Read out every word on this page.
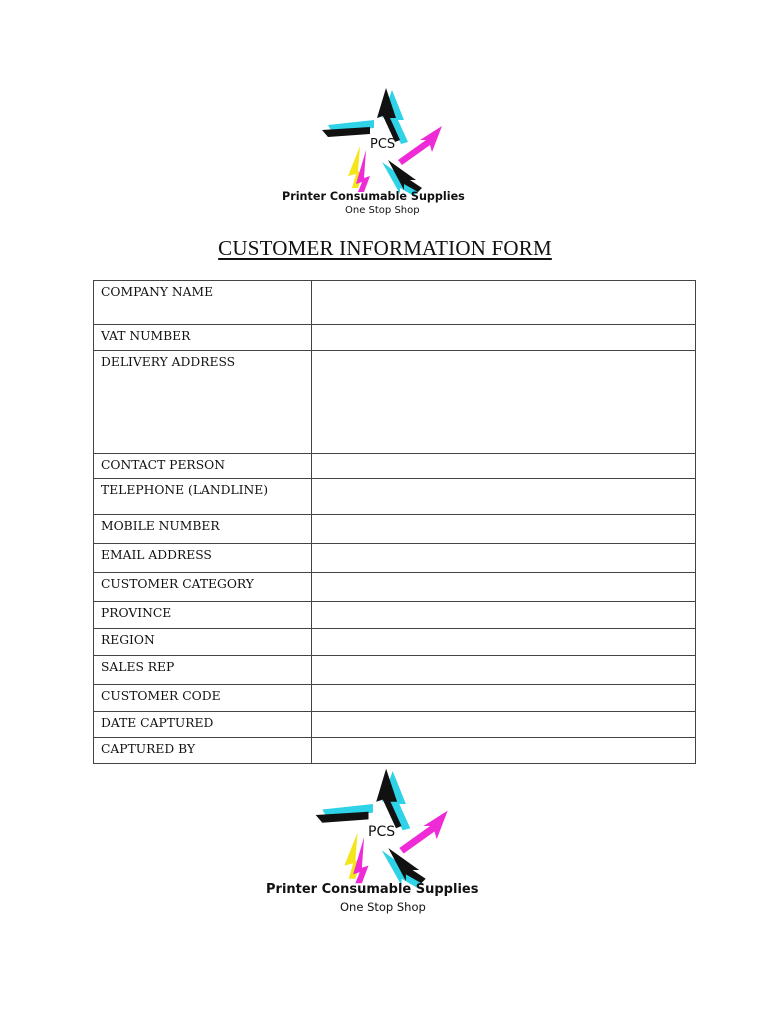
PCS
Printer Consumable Supplies
One Stop Shop
CUSTOMER INFORMATION FORM
COMPANY NAME	
VAT NUMBER	
DELIVERY ADDRESS	
CONTACT PERSON	
TELEPHONE (LANDLINE)	
MOBILE NUMBER	
EMAIL ADDRESS	
CUSTOMER CATEGORY	
PROVINCE	
REGION	
SALES REP	
CUSTOMER CODE	
DATE CAPTURED	
CAPTURED BY	
PCS
Printer Consumable Supplies
One Stop Shop
